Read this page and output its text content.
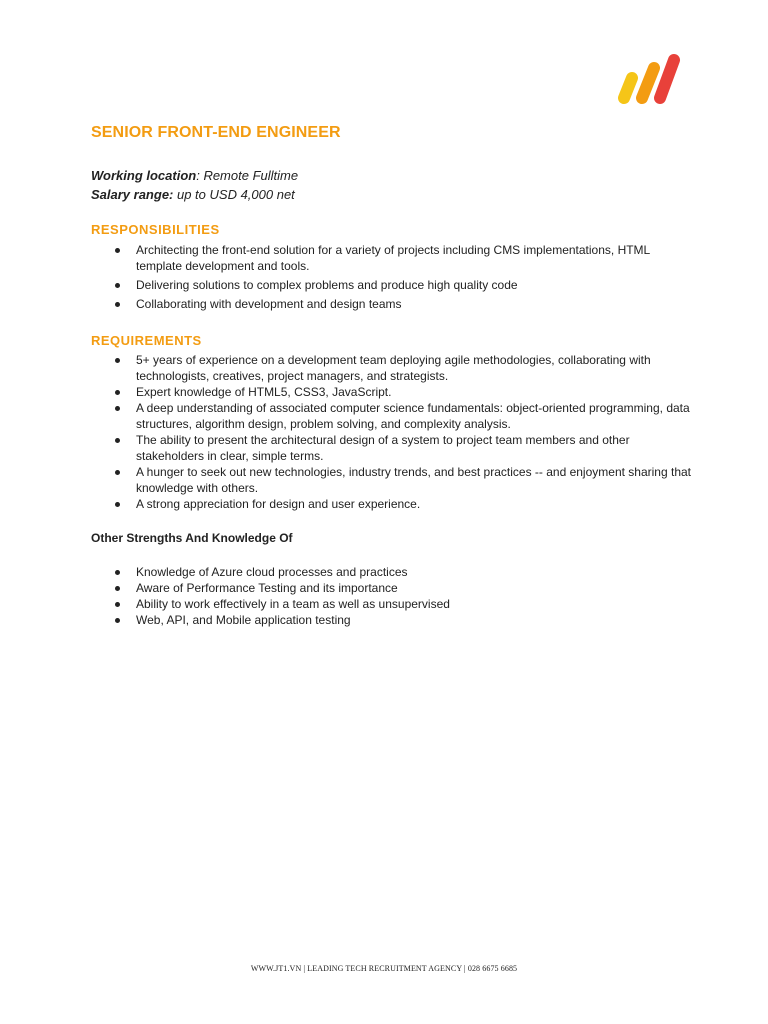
SENIOR FRONT-END ENGINEER
Working location: Remote Fulltime
Salary range: up to USD 4,000 net
RESPONSIBILITIES
Architecting the front-end solution for a variety of projects including CMS implementations, HTML template development and tools.
Delivering solutions to complex problems and produce high quality code
Collaborating with development and design teams
REQUIREMENTS
5+ years of experience on a development team deploying agile methodologies, collaborating with technologists, creatives, project managers, and strategists.
Expert knowledge of HTML5, CSS3, JavaScript.
A deep understanding of associated computer science fundamentals: object-oriented programming, data structures, algorithm design, problem solving, and complexity analysis.
The ability to present the architectural design of a system to project team members and other stakeholders in clear, simple terms.
A hunger to seek out new technologies, industry trends, and best practices -- and enjoyment sharing that knowledge with others.
A strong appreciation for design and user experience.
Other Strengths And Knowledge Of
Knowledge of Azure cloud processes and practices
Aware of Performance Testing and its importance
Ability to work effectively in a team as well as unsupervised
Web, API, and Mobile application testing
WWW.JT1.VN | LEADING TECH RECRUITMENT AGENCY | 028 6675 6685
